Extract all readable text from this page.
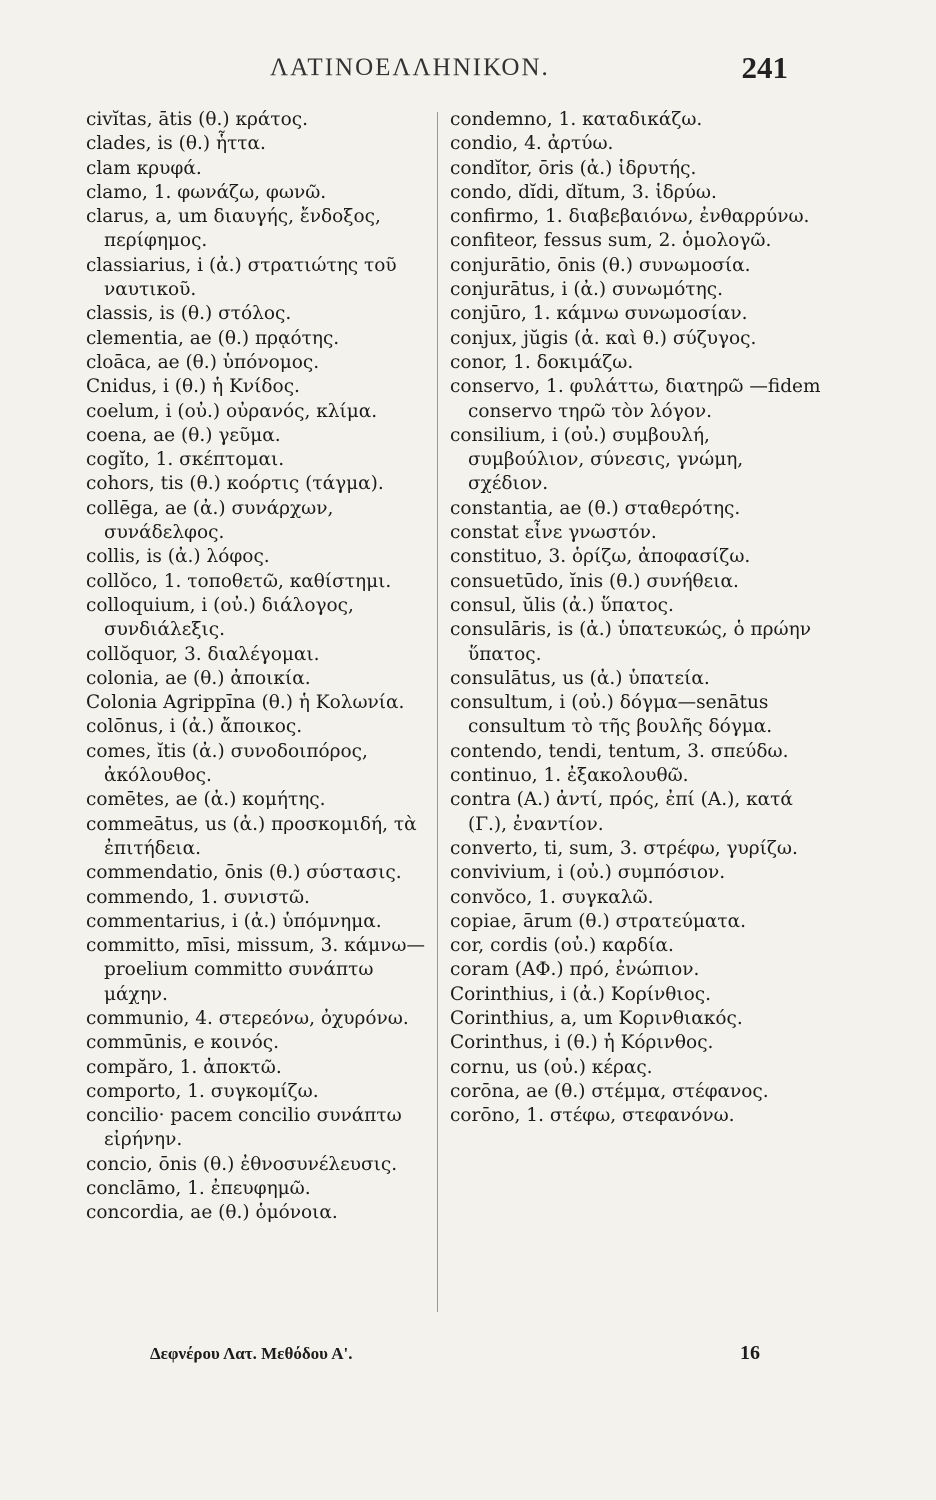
ΛΑΤΙΝΟΕΛΛΗΝΙΚΟΝ.	241

civĭtas, ātis (θ.) κράτος.

clades, is (θ.) ἧττα.

clam κρυφά.

clamo, 1. φωνάζω, φωνῶ.

clarus, a, um διαυγής, ἔνδοξος, περίφημος.

classiarius, i (ἀ.) στρατιώτης τοῦ ναυτικοῦ.

classis, is (θ.) στόλος.

clementia, ae (θ.) πρᾳότης.

cloāca, ae (θ.) ὑπόνομος.

Cnidus, i (θ.) ἡ Κνίδος.

coelum, i (οὐ.) οὐρανός, κλίμα.

coena, ae (θ.) γεῦμα.

cogĭto, 1. σκέπτομαι.

cohors, tis (θ.) κοόρτις (τάγμα).

collēga, ae (ἀ.) συνάρχων, συνάδελφος.

collis, is (ἀ.) λόφος.

collŏco, 1. τοποθετῶ, καθίστημι.

colloquium, i (οὐ.) διάλογος, συνδιάλεξις.

collŏquor, 3. διαλέγομαι.

colonia, ae (θ.) ἀποικία.

Colonia Agrippīna (θ.) ἡ Κολωνία.

colōnus, i (ἀ.) ἄποικος.

comes, ĭtis (ἀ.) συνοδοιπόρος, ἀκόλουθος.

comētes, ae (ἀ.) κομήτης.

commeātus, us (ἀ.) προσκομιδή, τὰ ἐπιτήδεια.

commendatio, ōnis (θ.) σύστασις.

commendo, 1. συνιστῶ.

commentarius, i (ἀ.) ὑπόμνημα.

committo, mīsi, missum, 3. κάμνω—proelium committo συνάπτω μάχην.

communio, 4. στερεόνω, ὀχυρόνω.

commūnis, e κοινός.

compăro, 1. ἀποκτῶ.

comporto, 1. συγκομίζω.

concilio· pacem concilio συνάπτω εἰρήνην.

concio, ōnis (θ.) ἐθνοσυνέλευσις.

conclāmo, 1. ἐπευφημῶ.

concordia, ae (θ.) ὁμόνοια.

condemno, 1. καταδικάζω.

condio, 4. ἀρτύω.

condĭtor, ōris (ἀ.) ἱδρυτής.

condo, dĭdi, dĭtum, 3. ἱδρύω.

confirmo, 1. διαβεβαιόνω, ἐνθαρρύνω.

confiteor, fessus sum, 2. ὁμολογῶ.

conjurātio, ōnis (θ.) συνωμοσία.

conjurātus, i (ἀ.) συνωμότης.

conjūro, 1. κάμνω συνωμοσίαν.

conjux, jŭgis (ἀ. καὶ θ.) σύζυγος.

conor, 1. δοκιμάζω.

conservo, 1. φυλάττω, διατηρῶ —fidem conservo τηρῶ τὸν λόγον.

consilium, i (οὐ.) συμβουλή, συμβούλιον, σύνεσις, γνώμη, σχέδιον.

constantia, ae (θ.) σταθερότης.

constat εἶνε γνωστόν.

constituo, 3. ὁρίζω, ἀποφασίζω.

consuetūdo, ĭnis (θ.) συνήθεια.

consul, ŭlis (ἀ.) ὕπατος.

consulāris, is (ἀ.) ὑπατευκώς, ὁ πρώην ὕπατος.

consulātus, us (ἀ.) ὑπατεία.

consultum, i (οὐ.) δόγμα—senātus consultum τὸ τῆς βουλῆς δόγμα.

contendo, tendi, tentum, 3. σπεύδω.

continuo, 1. ἐξακολουθῶ.

contra (Α.) ἀντί, πρός, ἐπί (Α.), κατά (Γ.), ἐναντίον.

converto, ti, sum, 3. στρέφω, γυρίζω.

convivium, i (οὐ.) συμπόσιον.

convŏco, 1. συγκαλῶ.

copiae, ārum (θ.) στρατεύματα.

cor, cordis (οὐ.) καρδία.

coram (ΑΦ.) πρό, ἐνώπιον.

Corinthius, i (ἀ.) Κορίνθιος.

Corinthius, a, um Κορινθιακός.

Corinthus, i (θ.) ἡ Κόρινθος.

cornu, us (οὐ.) κέρας.

corōna, ae (θ.) στέμμα, στέφανος.

corōno, 1. στέφω, στεφανόνω.

Δεφνέρου Λατ. Μεθόδου Α'.	16
